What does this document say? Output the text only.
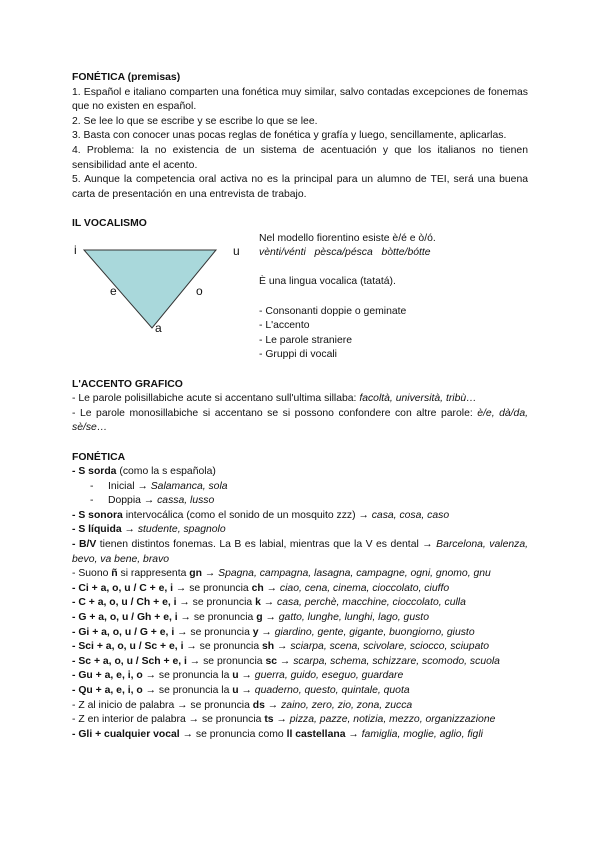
FONÉTICA (premisas)
1. Español e italiano comparten una fonética muy similar, salvo contadas excepciones de fonemas que no existen en español.
2. Se lee lo que se escribe y se escribe lo que se lee.
3. Basta con conocer unas pocas reglas de fonética y grafía y luego, sencillamente, aplicarlas.
4. Problema: la no existencia de un sistema de acentuación y que los italianos no tienen sensibilidad ante el acento.
5. Aunque la competencia oral activa no es la principal para un alumno de TEI, será una buena carta de presentación en una entrevista de trabajo.
IL VOCALISMO
i	u
e	o
a
Nel modello fiorentino esiste è/é e ò/ó.
vènti/vénti   pèsca/pésca   bòtte/bótte
È una lingua vocalica (tatatá).
- Consonanti doppie o geminate
- L'accento
- Le parole straniere
- Gruppi di vocali
L'ACCENTO GRAFICO
- Le parole polisillabiche acute si accentano sull'ultima sillaba: facoltà, università, tribù…
- Le parole monosillabiche si accentano se si possono confondere con altre parole: è/e, dà/da, sè/se…
FONÉTICA
- S sorda (como la s española)
- Inicial → Salamanca, sola
- Doppia → cassa, lusso
- S sonora intervocálica (como el sonido de un mosquito zzz) → casa, cosa, caso
- S líquida → studente, spagnolo
- B/V tienen distintos fonemas. La B es labial, mientras que la V es dental → Barcelona, valenza, bevo, va bene, bravo
- Suono ñ si rappresenta gn → Spagna, campagna, lasagna, campagne, ogni, gnomo, gnu
- Ci + a, o, u / C + e, i → se pronuncia ch → ciao, cena, cinema, cioccolato, ciuffo
- C + a, o, u / Ch + e, i → se pronuncia k → casa, perchè, macchine, cioccolato, culla
- G + a, o, u / Gh + e, i → se pronuncia g → gatto, lunghe, lunghi, lago, gusto
- Gi + a, o, u / G + e, i → se pronuncia y → giardino, gente, gigante, buongiorno, giusto
- Sci + a, o, u / Sc + e, i → se pronuncia sh → sciarpa, scena, scivolare, sciocco, sciupato
- Sc + a, o, u / Sch + e, i → se pronuncia sc → scarpa, schema, schizzare, scomodo, scuola
- Gu + a, e, i, o → se pronuncia la u → guerra, guido, eseguo, guardare
- Qu + a, e, i, o → se pronuncia la u → quaderno, questo, quintale, quota
- Z al inicio de palabra → se pronuncia ds → zaino, zero, zio, zona, zucca
- Z en interior de palabra → se pronuncia ts → pizza, pazze, notizia, mezzo, organizzazione
- Gli + cualquier vocal → se pronuncia como ll castellana → famiglia, moglie, aglio, figli
